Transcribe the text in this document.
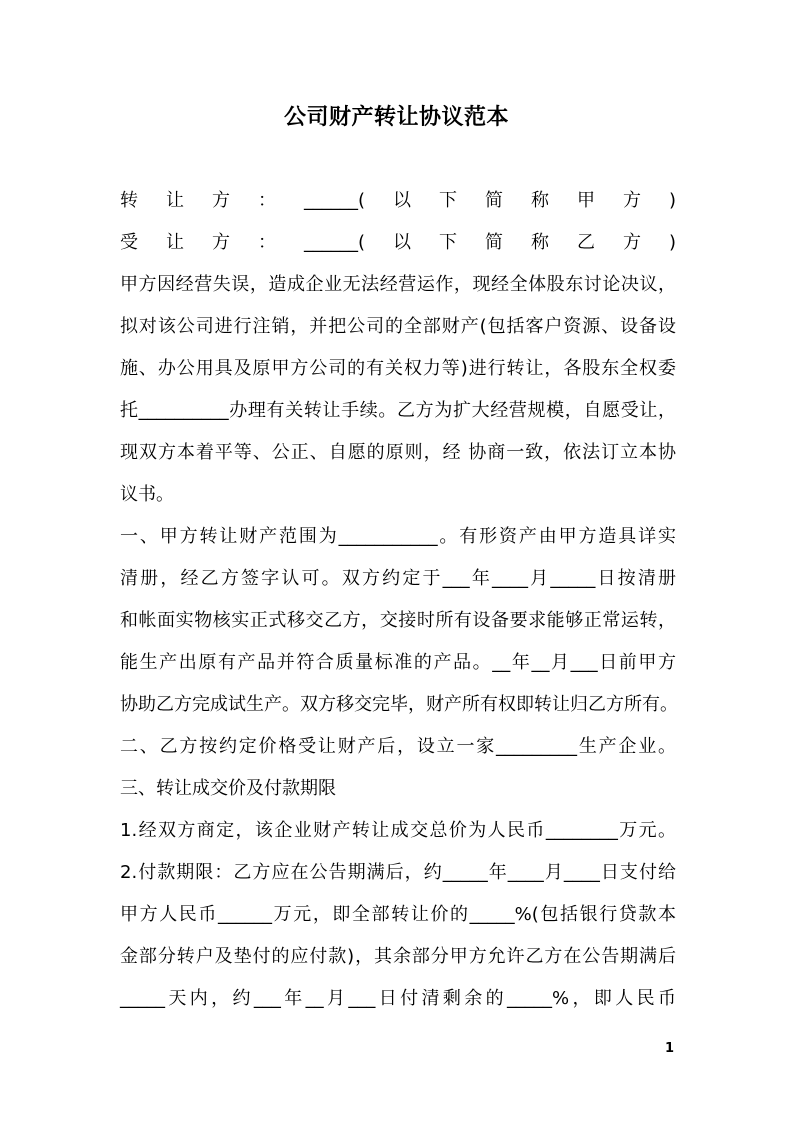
公司财产转让协议范本
转让方：______(以下简称甲方)
受让方：______(以下简称乙方)
甲方因经营失误，造成企业无法经营运作，现经全体股东讨论决议，
拟对该公司进行注销，并把公司的全部财产(包括客户资源、设备设
施、办公用具及原甲方公司的有关权力等)进行转让，各股东全权委
托__________办理有关转让手续。乙方为扩大经营规模，自愿受让，
现双方本着平等、公正、自愿的原则，经 协商一致，依法订立本协
议书。
一、甲方转让财产范围为___________。有形资产由甲方造具详实
清册，经乙方签字认可。双方约定于___年____月_____日按清册
和帐面实物核实正式移交乙方，交接时所有设备要求能够正常运转，
能生产出原有产品并符合质量标准的产品。__年__月___日前甲方
协助乙方完成试生产。双方移交完毕，财产所有权即转让归乙方所有。
二、乙方按约定价格受让财产后，设立一家_________生产企业。
三、转让成交价及付款期限
1.经双方商定，该企业财产转让成交总价为人民币________万元。
2.付款期限：乙方应在公告期满后，约_____年____月____日支付给
甲方人民币______万元，即全部转让价的_____%(包括银行贷款本
金部分转户及垫付的应付款)，其余部分甲方允许乙方在公告期满后
_____天内，约___年__月___日付清剩余的_____%，即人民币
1
